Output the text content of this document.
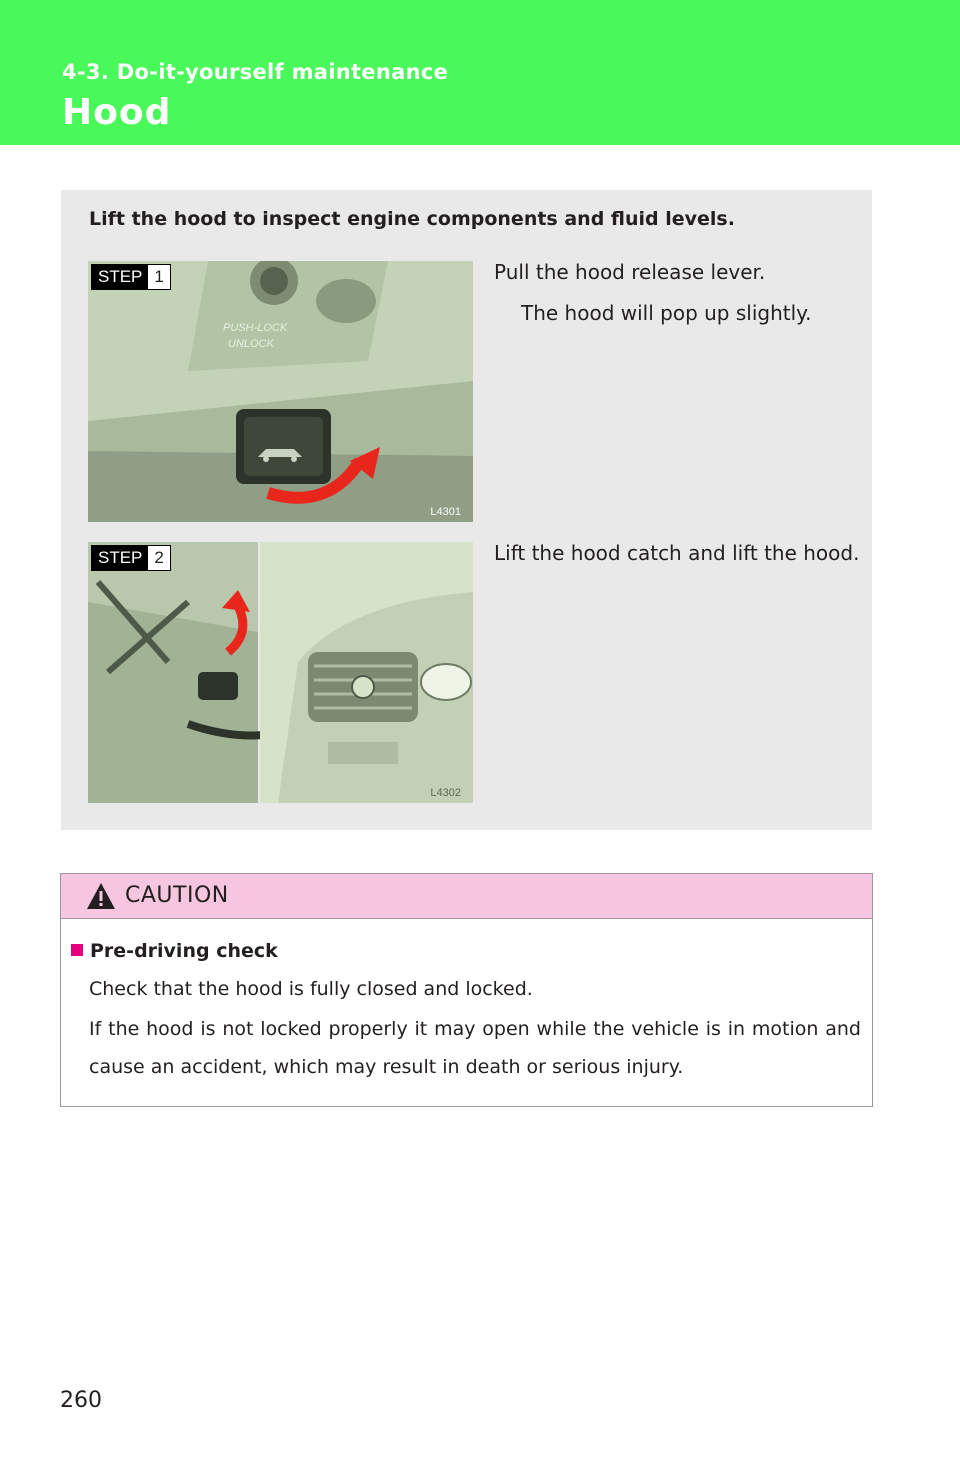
4-3. Do-it-yourself maintenance
Hood
Lift the hood to inspect engine components and fluid levels.
PUSH-LOCK
UNLOCK
STEP 1
L4301
Pull the hood release lever.
The hood will pop up slightly.
STEP 2
L4302
Lift the hood catch and lift the hood.
CAUTION
Pre-driving check
Check that the hood is fully closed and locked.
If the hood is not locked properly it may open while the vehicle is in motion and cause an accident, which may result in death or serious injury.
260
